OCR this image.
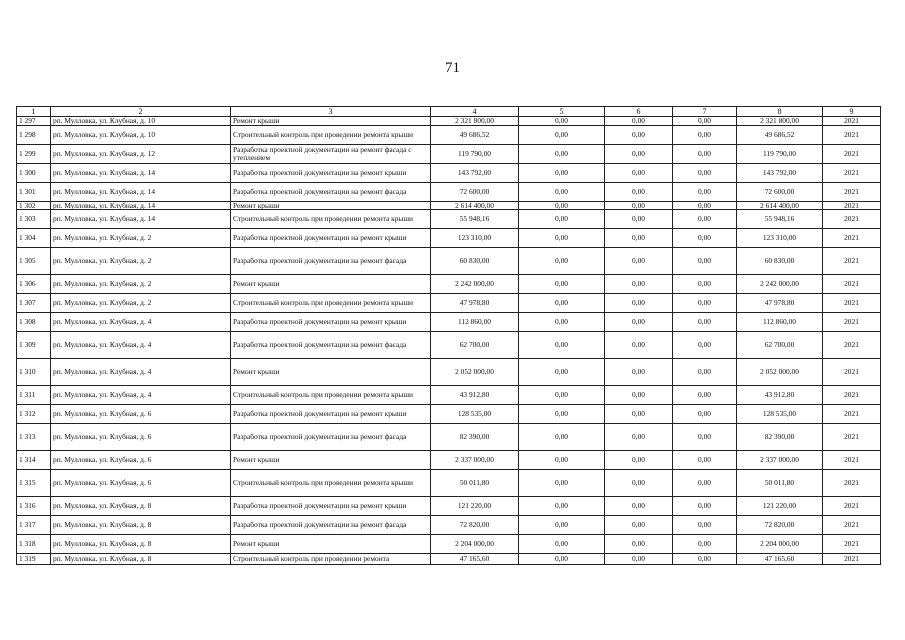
71
1	2	3	4	5	6	7	8	9
1 297	рп. Мулловка, ул. Клубная, д. 10	Ремонт крыши	2 321 800,00	0,00	0,00	0,00	2 321 800,00	2021
1 298	рп. Мулловка, ул. Клубная, д. 10	Строительный контроль при проведении ремонта крыши	49 686,52	0,00	0,00	0,00	49 686,52	2021
1 299	рп. Мулловка, ул. Клубная, д. 12	Разработка проектной документации на ремонт фасада с утеплением	119 790,00	0,00	0,00	0,00	119 790,00	2021
1 300	рп. Мулловка, ул. Клубная, д. 14	Разработка проектной документации на ремонт крыши	143 792,00	0,00	0,00	0,00	143 792,00	2021
1 301	рп. Мулловка, ул. Клубная, д. 14	Разработка проектной документации на ремонт фасада	72 600,00	0,00	0,00	0,00	72 600,00	2021
1 302	рп. Мулловка, ул. Клубная, д. 14	Ремонт крыши	2 614 400,00	0,00	0,00	0,00	2 614 400,00	2021
1 303	рп. Мулловка, ул. Клубная, д. 14	Строительный контроль при проведении ремонта крыши	55 948,16	0,00	0,00	0,00	55 948,16	2021
1 304	рп. Мулловка, ул. Клубная, д. 2	Разработка проектной документации на ремонт крыши	123 310,00	0,00	0,00	0,00	123 310,00	2021
1 305	рп. Мулловка, ул. Клубная, д. 2	Разработка проектной документации на ремонт фасада	60 830,00	0,00	0,00	0,00	60 830,00	2021
1 306	рп. Мулловка, ул. Клубная, д. 2	Ремонт крыши	2 242 000,00	0,00	0,00	0,00	2 242 000,00	2021
1 307	рп. Мулловка, ул. Клубная, д. 2	Строительный контроль при проведении ремонта крыши	47 978,80	0,00	0,00	0,00	47 978,80	2021
1 308	рп. Мулловка, ул. Клубная, д. 4	Разработка проектной документации на ремонт крыши	112 860,00	0,00	0,00	0,00	112 860,00	2021
1 309	рп. Мулловка, ул. Клубная, д. 4	Разработка проектной документации на ремонт фасада	62 700,00	0,00	0,00	0,00	62 700,00	2021
1 310	рп. Мулловка, ул. Клубная, д. 4	Ремонт крыши	2 052 000,00	0,00	0,00	0,00	2 052 000,00	2021
1 311	рп. Мулловка, ул. Клубная, д. 4	Строительный контроль при проведении ремонта крыши	43 912,80	0,00	0,00	0,00	43 912,80	2021
1 312	рп. Мулловка, ул. Клубная, д. 6	Разработка проектной документации на ремонт крыши	128 535,00	0,00	0,00	0,00	128 535,00	2021
1 313	рп. Мулловка, ул. Клубная, д. 6	Разработка проектной документации на ремонт фасада	82 390,00	0,00	0,00	0,00	82 390,00	2021
1 314	рп. Мулловка, ул. Клубная, д. 6	Ремонт крыши	2 337 000,00	0,00	0,00	0,00	2 337 000,00	2021
1 315	рп. Мулловка, ул. Клубная, д. 6	Строительный контроль при проведении ремонта крыши	50 011,80	0,00	0,00	0,00	50 011,80	2021
1 316	рп. Мулловка, ул. Клубная, д. 8	Разработка проектной документации на ремонт крыши	121 220,00	0,00	0,00	0,00	121 220,00	2021
1 317	рп. Мулловка, ул. Клубная, д. 8	Разработка проектной документации на ремонт фасада	72 820,00	0,00	0,00	0,00	72 820,00	2021
1 318	рп. Мулловка, ул. Клубная, д. 8	Ремонт крыши	2 204 000,00	0,00	0,00	0,00	2 204 000,00	2021
1 319	рп. Мулловка, ул. Клубная, д. 8	Строительный контроль при проведении ремонта	47 165,60	0,00	0,00	0,00	47 165,60	2021
